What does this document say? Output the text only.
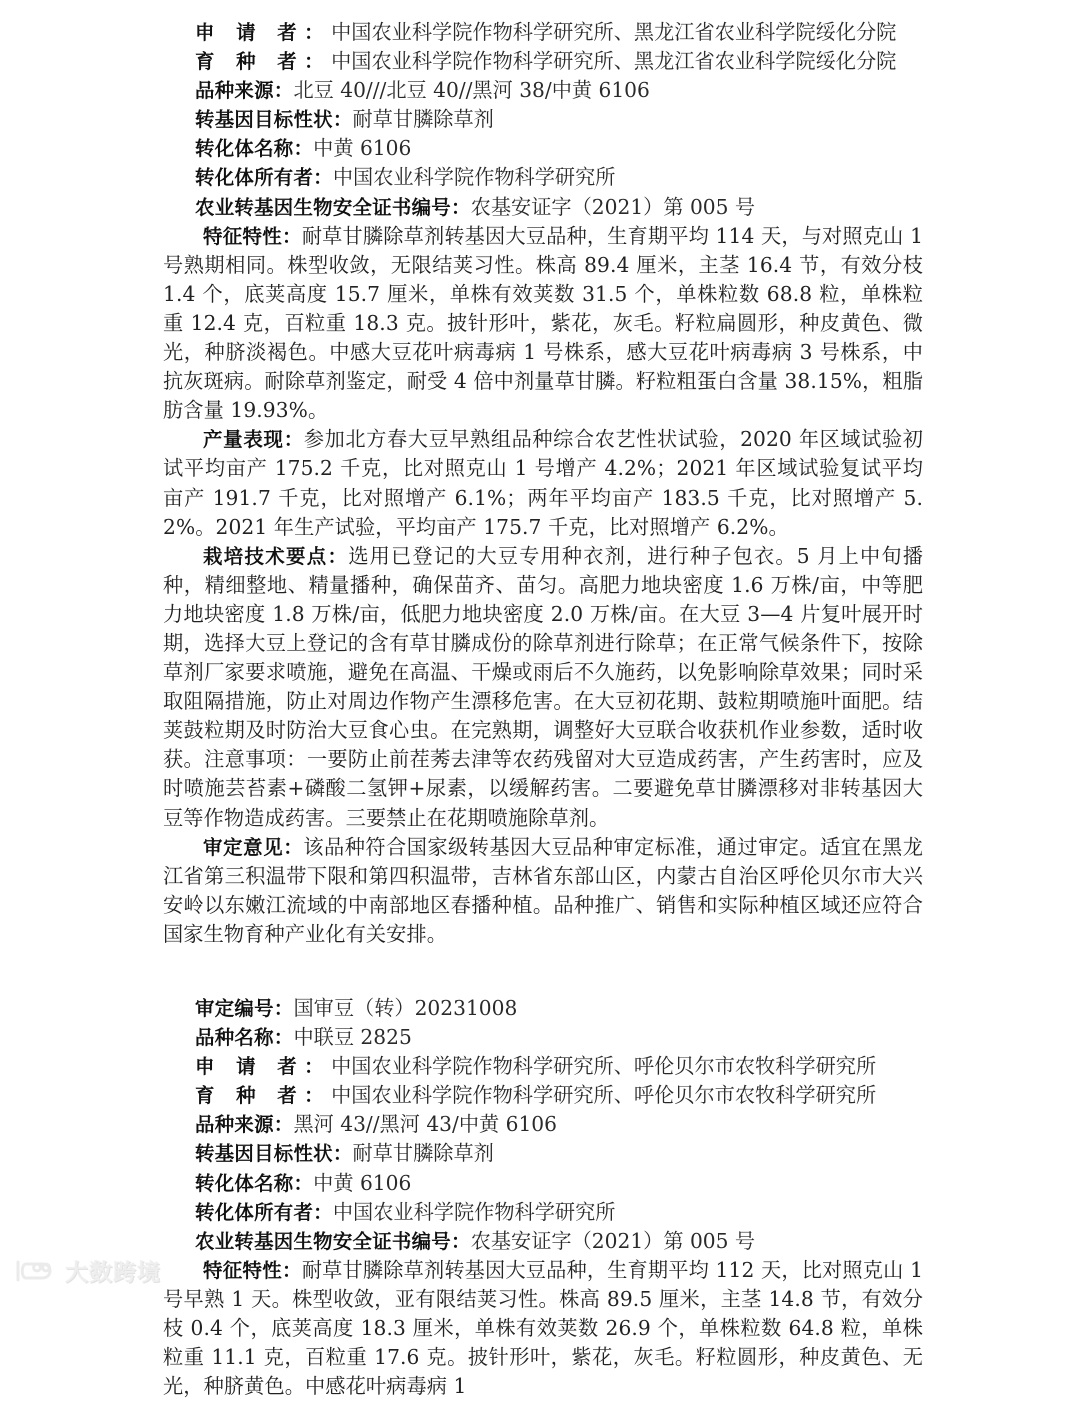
申 请 者：中国农业科学院作物科学研究所、黑龙江省农业科学院绥化分院
育 种 者：中国农业科学院作物科学研究所、黑龙江省农业科学院绥化分院
品种来源：北豆 40///北豆 40//黑河 38/中黄 6106
转基因目标性状：耐草甘膦除草剂
转化体名称：中黄 6106
转化体所有者：中国农业科学院作物科学研究所
农业转基因生物安全证书编号：农基安证字（2021）第 005 号

特征特性：耐草甘膦除草剂转基因大豆品种，生育期平均 114 天，与对照克山 1 号熟期相同。株型收敛，无限结荚习性。株高 89.4 厘米，主茎 16.4 节，有效分枝 1.4 个，底荚高度 15.7 厘米，单株有效荚数 31.5 个，单株粒数 68.8 粒，单株粒重 12.4 克，百粒重 18.3 克。披针形叶，紫花，灰毛。籽粒扁圆形，种皮黄色、微光，种脐淡褐色。中感大豆花叶病毒病 1 号株系，感大豆花叶病毒病 3 号株系，中抗灰斑病。耐除草剂鉴定，耐受 4 倍中剂量草甘膦。籽粒粗蛋白含量 38.15%，粗脂肪含量 19.93%。

产量表现：参加北方春大豆早熟组品种综合农艺性状试验，2020 年区域试验初试平均亩产 175.2 千克，比对照克山 1 号增产 4.2%；2021 年区域试验复试平均亩产 191.7 千克，比对照增产 6.1%；两年平均亩产 183.5 千克，比对照增产 5.2%。2021 年生产试验，平均亩产 175.7 千克，比对照增产 6.2%。

栽培技术要点：选用已登记的大豆专用种衣剂，进行种子包衣。5 月上中旬播种，精细整地、精量播种，确保苗齐、苗匀。高肥力地块密度 1.6 万株/亩，中等肥力地块密度 1.8 万株/亩，低肥力地块密度 2.0 万株/亩。在大豆 3—4 片复叶展开时期，选择大豆上登记的含有草甘膦成份的除草剂进行除草；在正常气候条件下，按除草剂厂家要求喷施，避免在高温、干燥或雨后不久施药，以免影响除草效果；同时采取阻隔措施，防止对周边作物产生漂移危害。在大豆初花期、鼓粒期喷施叶面肥。结荚鼓粒期及时防治大豆食心虫。在完熟期，调整好大豆联合收获机作业参数，适时收获。注意事项：一要防止前茬莠去津等农药残留对大豆造成药害，产生药害时，应及时喷施芸苔素+磷酸二氢钾+尿素，以缓解药害。二要避免草甘膦漂移对非转基因大豆等作物造成药害。三要禁止在花期喷施除草剂。

审定意见：该品种符合国家级转基因大豆品种审定标准，通过审定。适宜在黑龙江省第三积温带下限和第四积温带，吉林省东部山区，内蒙古自治区呼伦贝尔市大兴安岭以东嫩江流域的中南部地区春播种植。品种推广、销售和实际种植区域还应符合国家生物育种产业化有关安排。

审定编号：国审豆（转）20231008
品种名称：中联豆 2825
申 请 者：中国农业科学院作物科学研究所、呼伦贝尔市农牧科学研究所
育 种 者：中国农业科学院作物科学研究所、呼伦贝尔市农牧科学研究所
品种来源：黑河 43//黑河 43/中黄 6106
转基因目标性状：耐草甘膦除草剂
转化体名称：中黄 6106
转化体所有者：中国农业科学院作物科学研究所
农业转基因生物安全证书编号：农基安证字（2021）第 005 号

特征特性：耐草甘膦除草剂转基因大豆品种，生育期平均 112 天，比对照克山 1 号早熟 1 天。株型收敛，亚有限结荚习性。株高 89.5 厘米，主茎 14.8 节，有效分枝 0.4 个，底荚高度 18.3 厘米，单株有效荚数 26.9 个，单株粒数 64.8 粒，单株粒重 11.1 克，百粒重 17.6 克。披针形叶，紫花，灰毛。籽粒圆形，种皮黄色、无光，种脐黄色。中感花叶病毒病 1

大数跨境
